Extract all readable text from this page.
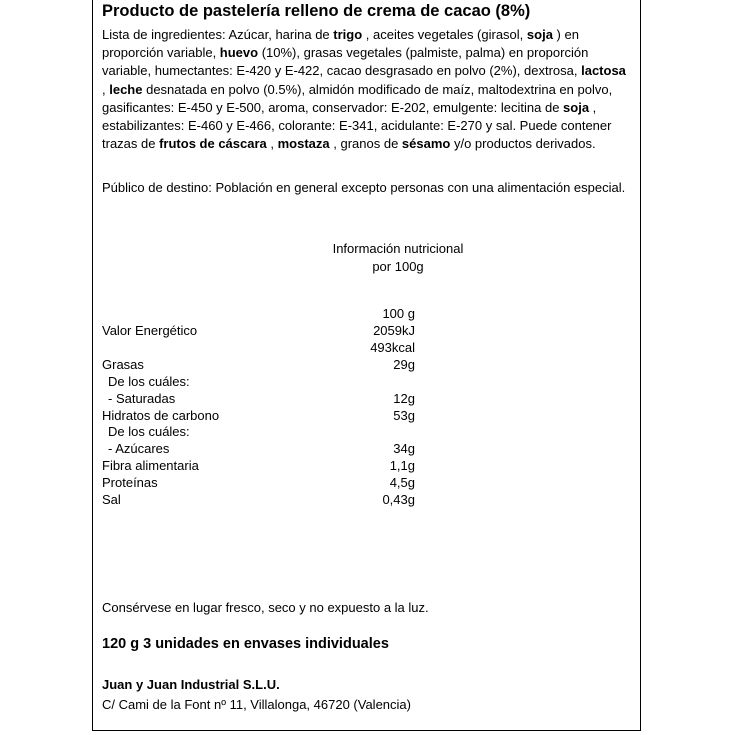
Producto de pastelería relleno de crema de cacao (8%)
Lista de ingredientes: Azúcar, harina de trigo , aceites vegetales (girasol, soja ) en proporción variable, huevo (10%), grasas vegetales (palmiste, palma) en proporción variable, humectantes: E-420 y E-422, cacao desgrasado en polvo (2%), dextrosa, lactosa , leche desnatada en polvo (0.5%), almidón modificado de maíz, maltodextrina en polvo, gasificantes: E-450 y E-500, aroma, conservador: E-202, emulgente: lecitina de soja , estabilizantes: E-460 y E-466, colorante: E-341, acidulante: E-270 y sal. Puede contener trazas de frutos de cáscara , mostaza , granos de sésamo y/o productos derivados.
Público de destino: Población en general excepto personas con una alimentación especial.
Información nutricional
por 100g
100 g
Valor Energético	2059kJ
493kcal
Grasas	29g
De los cuáles:
- Saturadas	12g
Hidratos de carbono	53g
De los cuáles:
- Azúcares	34g
Fibra alimentaria	1,1g
Proteínas	4,5g
Sal	0,43g
Consérvese en lugar fresco, seco y no expuesto a la luz.
120 g 3 unidades en envases individuales
Juan y Juan Industrial S.L.U.
C/ Cami de la Font nº 11, Villalonga, 46720 (Valencia)
